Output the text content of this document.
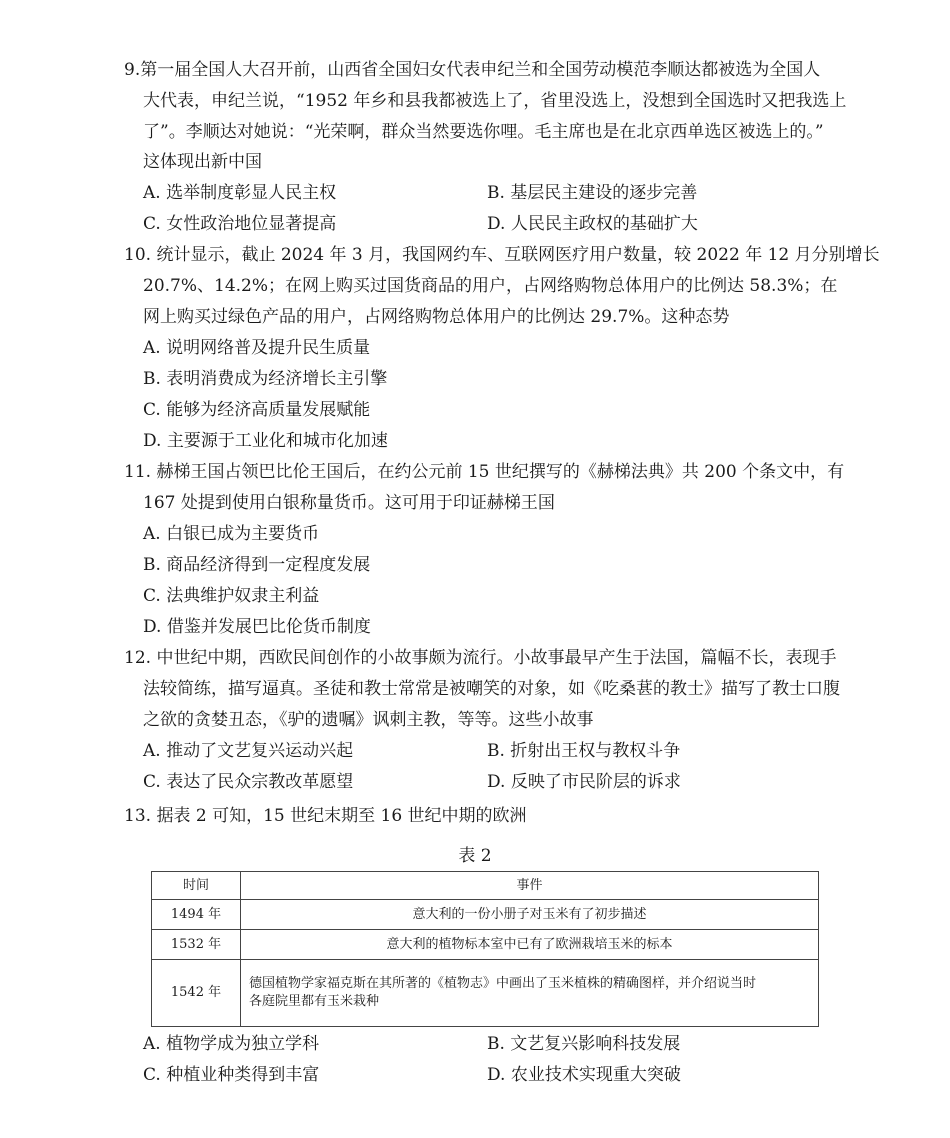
9.第一届全国人大召开前，山西省全国妇女代表申纪兰和全国劳动模范李顺达都被选为全国人
大代表，申纪兰说，“1952 年乡和县我都被选上了，省里没选上，没想到全国选时又把我选上
了”。李顺达对她说：“光荣啊，群众当然要选你哩。毛主席也是在北京西单选区被选上的。”
这体现出新中国
A. 选举制度彰显人民主权	B. 基层民主建设的逐步完善
C. 女性政治地位显著提高	D. 人民民主政权的基础扩大
10. 统计显示，截止 2024 年 3 月，我国网约车、互联网医疗用户数量，较 2022 年 12 月分别增长
20.7%、14.2%；在网上购买过国货商品的用户，占网络购物总体用户的比例达 58.3%；在
网上购买过绿色产品的用户，占网络购物总体用户的比例达 29.7%。这种态势
A. 说明网络普及提升民生质量
B. 表明消费成为经济增长主引擎
C. 能够为经济高质量发展赋能
D. 主要源于工业化和城市化加速
11. 赫梯王国占领巴比伦王国后，在约公元前 15 世纪撰写的《赫梯法典》共 200 个条文中，有
167 处提到使用白银称量货币。这可用于印证赫梯王国
A. 白银已成为主要货币
B. 商品经济得到一定程度发展
C. 法典维护奴隶主利益
D. 借鉴并发展巴比伦货币制度
12. 中世纪中期，西欧民间创作的小故事颇为流行。小故事最早产生于法国，篇幅不长，表现手
法较简练，描写逼真。圣徒和教士常常是被嘲笑的对象，如《吃桑葚的教士》描写了教士口腹
之欲的贪婪丑态，《驴的遗嘱》讽刺主教，等等。这些小故事
A. 推动了文艺复兴运动兴起	B. 折射出王权与教权斗争
C. 表达了民众宗教改革愿望	D. 反映了市民阶层的诉求
13. 据表 2 可知，15 世纪末期至 16 世纪中期的欧洲
表 2
时间	事件
1494 年	意大利的一份小册子对玉米有了初步描述
1532 年	意大利的植物标本室中已有了欧洲栽培玉米的标本
1542 年	德国植物学家福克斯在其所著的《植物志》中画出了玉米植株的精确图样，并介绍说当时
各庭院里都有玉米栽种
A. 植物学成为独立学科	B. 文艺复兴影响科技发展
C. 种植业种类得到丰富	D. 农业技术实现重大突破
